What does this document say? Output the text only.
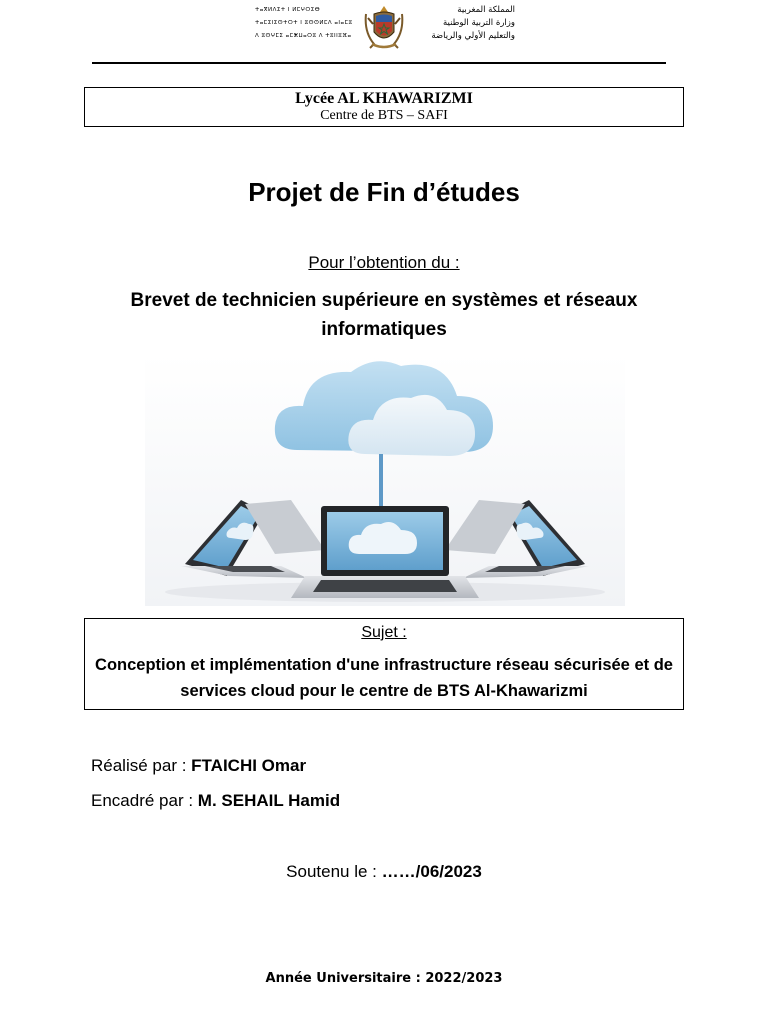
ⵜⴰⴳⵍⴷⵉⵜ ⵏ ⵍⵎⵖⵔⵉⴱ
ⵜⴰⵎⵉⵏⵉⵙⵜⵔⵜ ⵏ ⵓⵙⵙⵍⵎⴷ ⴰⵏⴰⵎⵓ
ⴷ ⵓⵙⵖⵎⵉ ⴰⵎⵥⵡⴰⵔⵓ ⴷ ⵜⵓⵏⵏⵓⴼⴰ
المملكة المغربية
وزارة التربية الوطنية
والتعليم الأولي والرياضة
Lycée AL KHAWARIZMI
Centre de BTS – SAFI
Projet de Fin d’études
Pour l’obtention du :
Brevet de technicien supérieure en systèmes et réseaux informatiques
Sujet :
Conception et implémentation d'une infrastructure réseau sécurisée et de services cloud pour le centre de BTS Al-Khawarizmi
Réalisé par : FTAICHI Omar
Encadré par : M. SEHAIL Hamid
Soutenu le : ……/06/2023
Année Universitaire : 2022/2023
